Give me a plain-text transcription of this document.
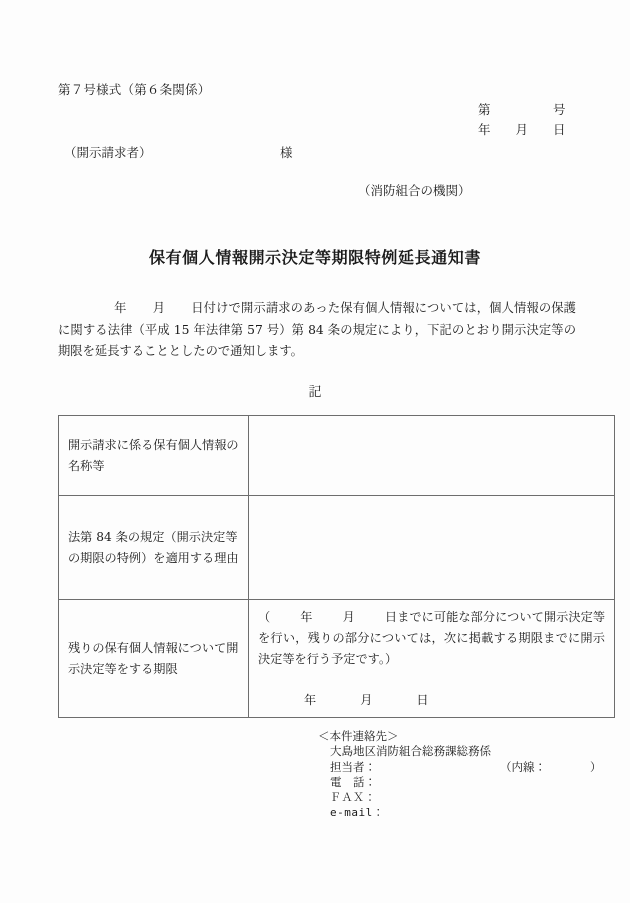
第７号様式（第６条関係）
第　　　　　号
年　　月　　日
（開示請求者）	様
（消防組合の機関）
保有個人情報開示決定等期限特例延長通知書
年 月 日付けで開示請求のあった保有個人情報については，個人情報の保護に関する法律（平成 15 年法律第 57 号）第 84 条の規定により，下記のとおり開示決定等の期限を延長することとしたので通知します。
記
開示請求に係る保有個人情報の名称等	
法第 84 条の規定（開示決定等の期限の特例）を適用する理由	
残りの保有個人情報について開示決定等をする期限	（ 年 月 日までに可能な部分について開示決定等を行い，残りの部分については，次に掲載する期限までに開示決定等を行う予定です。）
年 月 日
＜本件連絡先＞
大島地区消防組合総務課総務係
担当者：	（内線：	）
電　話：
ＦＡＸ：
e-mail：
